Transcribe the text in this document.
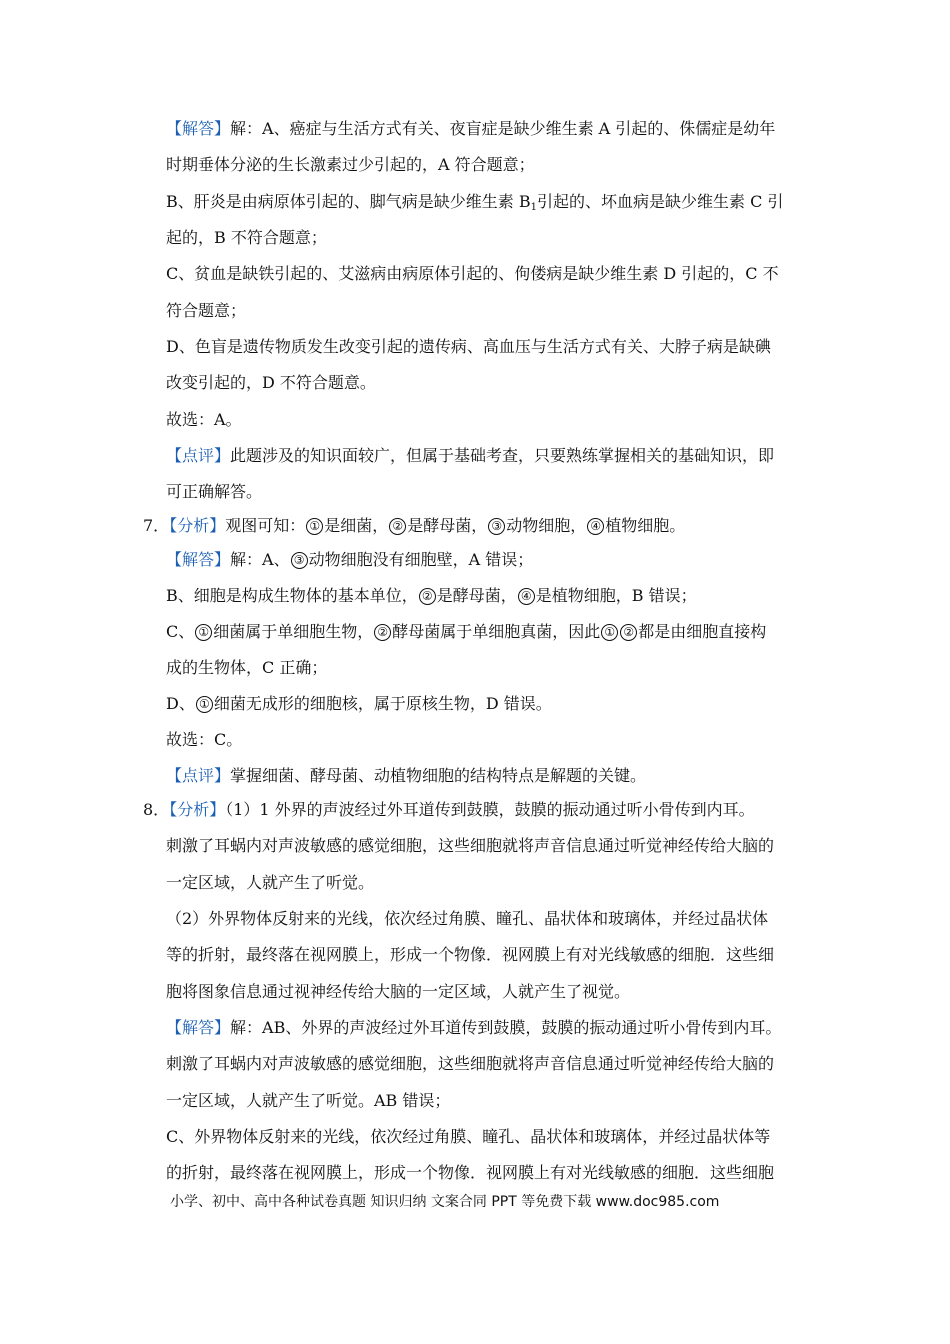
【解答】解：A、癌症与生活方式有关、夜盲症是缺少维生素 A 引起的、侏儒症是幼年
时期垂体分泌的生长激素过少引起的，A 符合题意；
B、肝炎是由病原体引起的、脚气病是缺少维生素 $B_1$引起的、坏血病是缺少维生素 C 引
起的，B 不符合题意；
C、贫血是缺铁引起的、艾滋病由病原体引起的、佝偻病是缺少维生素 D 引起的，C 不
符合题意；
D、色盲是遗传物质发生改变引起的遗传病、高血压与生活方式有关、大脖子病是缺碘
改变引起的，D 不符合题意。
故选：A。
【点评】此题涉及的知识面较广，但属于基础考查，只要熟练掌握相关的基础知识，即
可正确解答。
7．【分析】观图可知： ① 是细菌， ② 是酵母菌， ③ 动物细胞， ④ 植物细胞。
【解答】解：A、 ③ 动物细胞没有细胞壁，A 错误；
B、细胞是构成生物体的基本单位， ② 是酵母菌， ④ 是植物细胞，B 错误；
C、 ① 细菌属于单细胞生物， ② 酵母菌属于单细胞真菌，因此 ① ② 都是由细胞直接构
成的生物体，C 正确；
D、 ① 细菌无成形的细胞核，属于原核生物，D 错误。
故选：C。
【点评】掌握细菌、酵母菌、动植物细胞的结构特点是解题的关键。
8．【分析】（1）1 外界的声波经过外耳道传到鼓膜，鼓膜的振动通过听小骨传到内耳。
刺激了耳蜗内对声波敏感的感觉细胞，这些细胞就将声音信息通过听觉神经传给大脑的
一定区域，人就产生了听觉。
（2）外界物体反射来的光线，依次经过角膜、瞳孔、晶状体和玻璃体，并经过晶状体
等的折射，最终落在视网膜上，形成一个物像．视网膜上有对光线敏感的细胞．这些细
胞将图象信息通过视神经传给大脑的一定区域，人就产生了视觉。
【解答】解：AB、外界的声波经过外耳道传到鼓膜，鼓膜的振动通过听小骨传到内耳。
刺激了耳蜗内对声波敏感的感觉细胞，这些细胞就将声音信息通过听觉神经传给大脑的
一定区域，人就产生了听觉。AB 错误；
C、外界物体反射来的光线，依次经过角膜、瞳孔、晶状体和玻璃体，并经过晶状体等
的折射，最终落在视网膜上，形成一个物像．视网膜上有对光线敏感的细胞．这些细胞
小学、初中、高中各种试卷真题 知识归纳 文案合同 PPT 等免费下载 www.doc985.com
